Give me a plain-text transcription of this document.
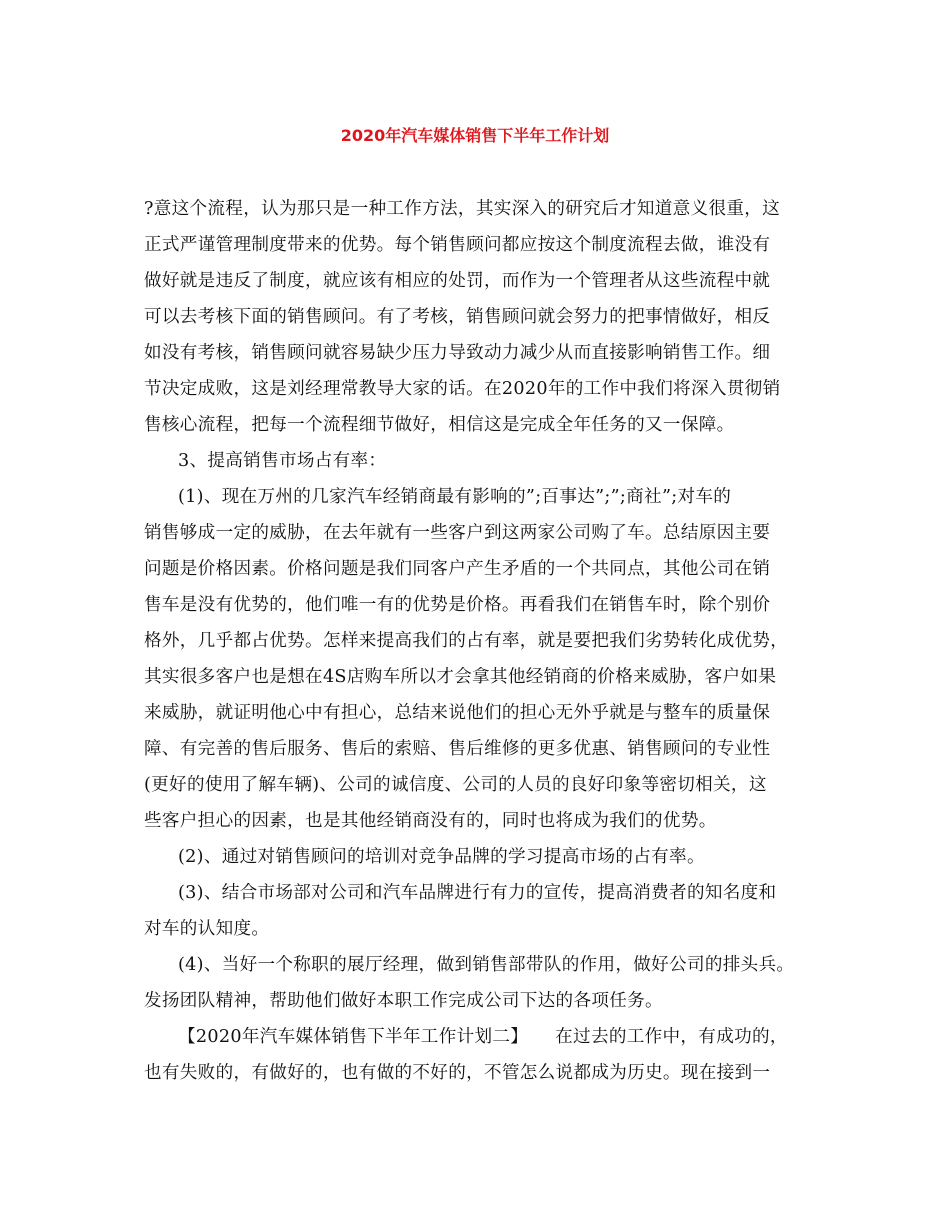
2020年汽车媒体销售下半年工作计划
?意这个流程，认为那只是一种工作方法，其实深入的研究后才知道意义很重，这
正式严谨管理制度带来的优势。每个销售顾问都应按这个制度流程去做，谁没有
做好就是违反了制度，就应该有相应的处罚，而作为一个管理者从这些流程中就
可以去考核下面的销售顾问。有了考核，销售顾问就会努力的把事情做好，相反
如没有考核，销售顾问就容易缺少压力导致动力减少从而直接影响销售工作。细
节决定成败，这是刘经理常教导大家的话。在2020年的工作中我们将深入贯彻销
售核心流程，把每一个流程细节做好，相信这是完成全年任务的又一保障。
3、提高销售市场占有率：
(1)、现在万州的几家汽车经销商最有影响的”;百事达”;”;商社”;对车的
销售够成一定的威胁，在去年就有一些客户到这两家公司购了车。总结原因主要
问题是价格因素。价格问题是我们同客户产生矛盾的一个共同点，其他公司在销
售车是没有优势的，他们唯一有的优势是价格。再看我们在销售车时，除个别价
格外，几乎都占优势。怎样来提高我们的占有率，就是要把我们劣势转化成优势，
其实很多客户也是想在4S店购车所以才会拿其他经销商的价格来威胁，客户如果
来威胁，就证明他心中有担心，总结来说他们的担心无外乎就是与整车的质量保
障、有完善的售后服务、售后的索赔、售后维修的更多优惠、销售顾问的专业性
(更好的使用了解车辆)、公司的诚信度、公司的人员的良好印象等密切相关，这
些客户担心的因素，也是其他经销商没有的，同时也将成为我们的优势。
(2)、通过对销售顾问的培训对竞争品牌的学习提高市场的占有率。
(3)、结合市场部对公司和汽车品牌进行有力的宣传，提高消费者的知名度和
对车的认知度。
(4)、当好一个称职的展厅经理，做到销售部带队的作用，做好公司的排头兵。
发扬团队精神，帮助他们做好本职工作完成公司下达的各项任务。
【2020年汽车媒体销售下半年工作计划二】　　在过去的工作中，有成功的，
也有失败的，有做好的，也有做的不好的，不管怎么说都成为历史。现在接到一
